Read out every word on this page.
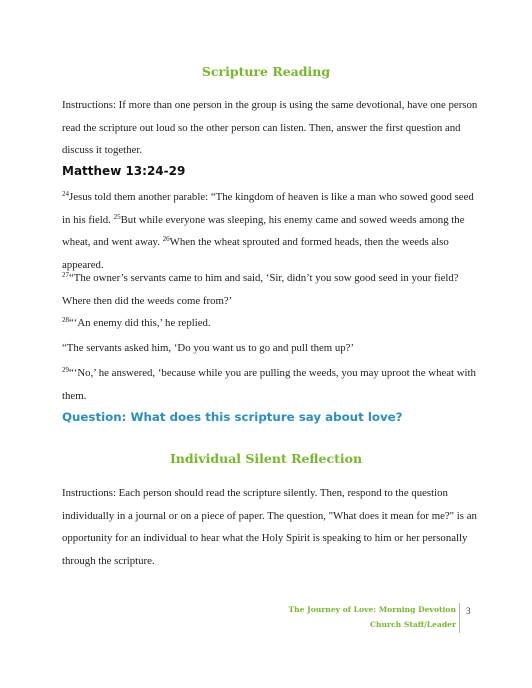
Scripture Reading
Instructions: If more than one person in the group is using the same devotional, have one person read the scripture out loud so the other person can listen. Then, answer the first question and discuss it together.
Matthew 13:24-29
$^{24}$Jesus told them another parable: “The kingdom of heaven is like a man who sowed good seed in his field. $^{25}$But while everyone was sleeping, his enemy came and sowed weeds among the wheat, and went away. $^{26}$When the wheat sprouted and formed heads, then the weeds also appeared.
$^{27}$“The owner’s servants came to him and said, ‘Sir, didn’t you sow good seed in your field? Where then did the weeds come from?’
$^{28}$“‘An enemy did this,’ he replied.
“The servants asked him, ‘Do you want us to go and pull them up?’
$^{29}$“‘No,’ he answered, ‘because while you are pulling the weeds, you may uproot the wheat with them.
Question: What does this scripture say about love?
Individual Silent Reflection
Instructions: Each person should read the scripture silently. Then, respond to the question individually in a journal or on a piece of paper. The question, "What does it mean for me?" is an opportunity for an individual to hear what the Holy Spirit is speaking to him or her personally through the scripture.
The Journey of Love: Morning Devotion
Church Staff/Leader
3
